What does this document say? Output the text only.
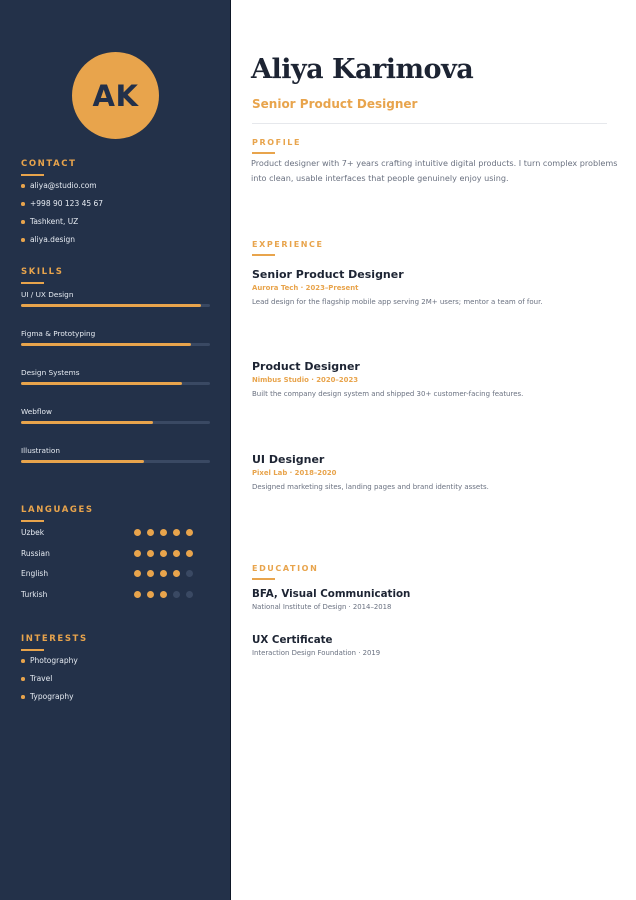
AK
CONTACT
aliya@studio.com
+998 90 123 45 67
Tashkent, UZ
aliya.design
SKILLS
UI / UX Design
Figma & Prototyping
Design Systems
Webflow
Illustration
LANGUAGES
Uzbek
Russian
English
Turkish
INTERESTS
Photography
Travel
Typography
Aliya Karimova
Senior Product Designer
PROFILE

Product designer with 7+ years crafting intuitive digital products. I turn complex problems into clean, usable interfaces that people genuinely enjoy using.

EXPERIENCE
Senior Product Designer
Aurora Tech · 2023–Present
Lead design for the flagship mobile app serving 2M+ users; mentor a team of four.
Product Designer
Nimbus Studio · 2020–2023
Built the company design system and shipped 30+ customer-facing features.
UI Designer
Pixel Lab · 2018–2020
Designed marketing sites, landing pages and brand identity assets.
EDUCATION
BFA, Visual Communication
National Institute of Design · 2014–2018
UX Certificate
Interaction Design Foundation · 2019
